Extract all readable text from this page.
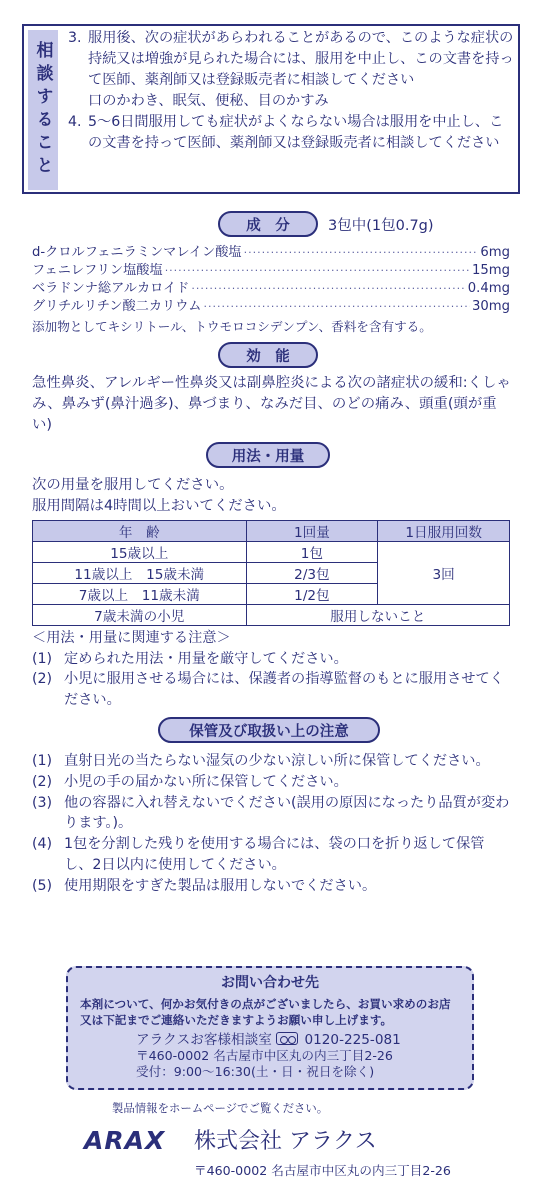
相談すること
3. 服用後、次の症状があらわれることがあるので、このような症状の持続又は増強が見られた場合には、服用を中止し、この文書を持って医師、薬剤師又は登録販売者に相談してください
口のかわき、眠気、便秘、目のかすみ
4. 5〜6日間服用しても症状がよくならない場合は服用を中止し、この文書を持って医師、薬剤師又は登録販売者に相談してください
成　分	3包中(1包0.7g)
d-クロルフェニラミンマレイン酸塩 ·····	6mg
フェニレフリン塩酸塩 ·····	15mg
ベラドンナ総アルカロイド ·····	0.4mg
グリチルリチン酸二カリウム ·····	30mg
添加物としてキシリトール、トウモロコシデンプン、香料を含有する。
効　能
急性鼻炎、アレルギー性鼻炎又は副鼻腔炎による次の諸症状の緩和:くしゃみ、鼻みず(鼻汁過多)、鼻づまり、なみだ目、のどの痛み、頭重(頭が重い)
用法・用量
次の用量を服用してください。
服用間隔は4時間以上おいてください。
年　齢	1回量	1日服用回数
15歳以上	1包	3回
11歳以上　15歳未満	2/3包	
7歳以上　11歳未満	1/2包	
7歳未満の小児	服用しないこと	
＜用法・用量に関連する注意＞
(1) 定められた用法・用量を厳守してください。
(2) 小児に服用させる場合には、保護者の指導監督のもとに服用させてください。
保管及び取扱い上の注意
(1) 直射日光の当たらない湿気の少ない涼しい所に保管してください。
(2) 小児の手の届かない所に保管してください。
(3) 他の容器に入れ替えないでください(誤用の原因になったり品質が変わります。)。
(4) 1包を分割した残りを使用する場合には、袋の口を折り返して保管し、2日以内に使用してください。
(5) 使用期限をすぎた製品は服用しないでください。
お問い合わせ先
本剤について、何かお気付きの点がございましたら、お買い求めのお店又は下記までご連絡いただきますようお願い申し上げます。
アラクスお客様相談室 0120-225-081
〒460-0002 名古屋市中区丸の内三丁目2-26
受付：9:00〜16:30(土・日・祝日を除く)
製品情報をホームページでご覧ください。
ARAX 株式会社 アラクス
〒460-0002 名古屋市中区丸の内三丁目2-26
